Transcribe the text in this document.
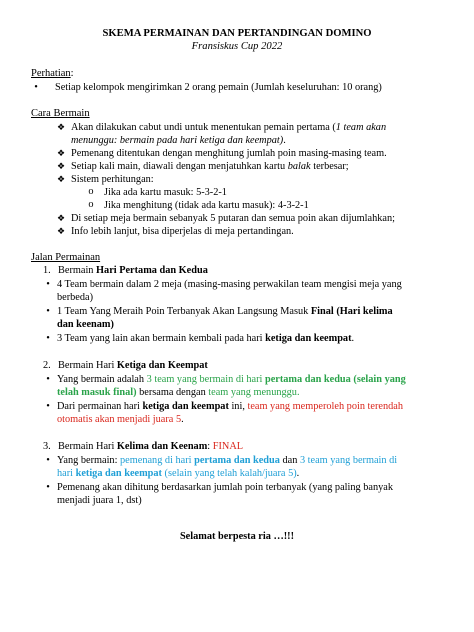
SKEMA PERMAINAN DAN PERTANDINGAN DOMINO
Fransiskus Cup 2022
Perhatian:
•	Setiap kelompok mengirimkan 2 orang pemain (Jumlah keseluruhan: 10 orang)
Cara Bermain
❖ Akan dilakukan cabut undi untuk menentukan pemain pertama (1 team akan
menunggu: bermain pada hari ketiga dan keempat).
❖ Pemenang ditentukan dengan menghitung jumlah poin masing-masing team.
❖ Setiap kali main, diawali dengan menjatuhkan kartu balak terbesar;
❖ Sistem perhitungan:
o Jika ada kartu masuk: 5-3-2-1
o Jika menghitung (tidak ada kartu masuk): 4-3-2-1
❖ Di setiap meja bermain sebanyak 5 putaran dan semua poin akan dijumlahkan;
❖ Info lebih lanjut, bisa diperjelas di meja pertandingan.
Jalan Permainan
1. Bermain Hari Pertama dan Kedua
• 4 Team bermain dalam 2 meja (masing-masing perwakilan team mengisi meja yang
berbeda)
• 1 Team Yang Meraih Poin Terbanyak Akan Langsung Masuk Final (Hari kelima
dan keenam)
• 3 Team yang lain akan bermain kembali pada hari ketiga dan keempat.
2. Bermain Hari Ketiga dan Keempat
• Yang bermain adalah 3 team yang bermain di hari pertama dan kedua (selain yang
telah masuk final) bersama dengan team yang menunggu.
• Dari permainan hari ketiga dan keempat ini, team yang memperoleh poin terendah
otomatis akan menjadi juara 5.
3. Bermain Hari Kelima dan Keenam: FINAL
• Yang bermain: pemenang di hari pertama dan kedua dan 3 team yang bermain di
hari ketiga dan keempat (selain yang telah kalah/juara 5).
• Pemenang akan dihitung berdasarkan jumlah poin terbanyak (yang paling banyak
menjadi juara 1, dst)
Selamat berpesta ria …!!!
